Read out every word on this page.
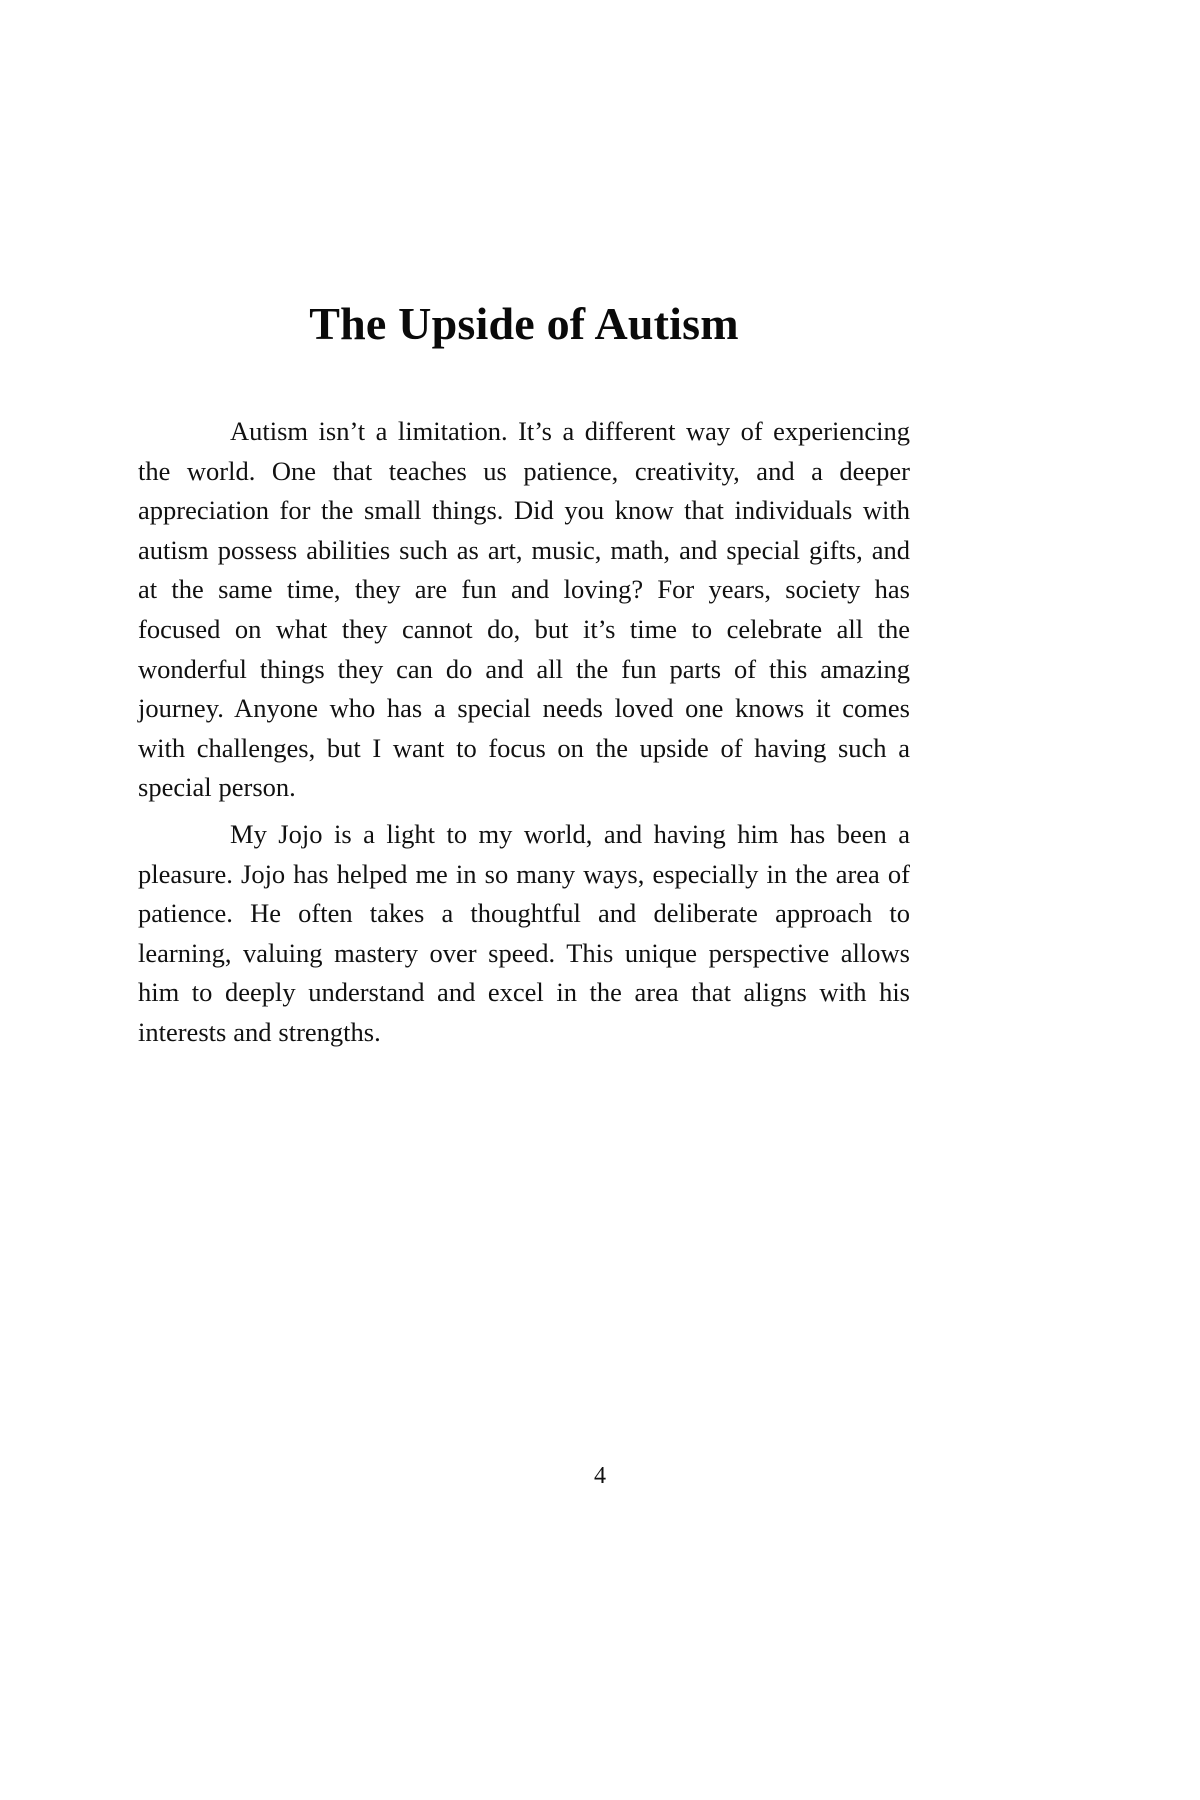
The Upside of Autism

Autism isn’t a limitation. It’s a different way of experiencing the world. One that teaches us patience, creativity, and a deeper appreciation for the small things. Did you know that individuals with autism possess abilities such as art, music, math, and special gifts, and at the same time, they are fun and loving? For years, society has focused on what they cannot do, but it’s time to celebrate all the wonderful things they can do and all the fun parts of this amazing journey. Anyone who has a special needs loved one knows it comes with challenges, but I want to focus on the upside of having such a special person.

My Jojo is a light to my world, and having him has been a pleasure. Jojo has helped me in so many ways, especially in the area of patience. He often takes a thoughtful and deliberate approach to learning, valuing mastery over speed. This unique perspective allows him to deeply understand and excel in the area that aligns with his interests and strengths.

4
